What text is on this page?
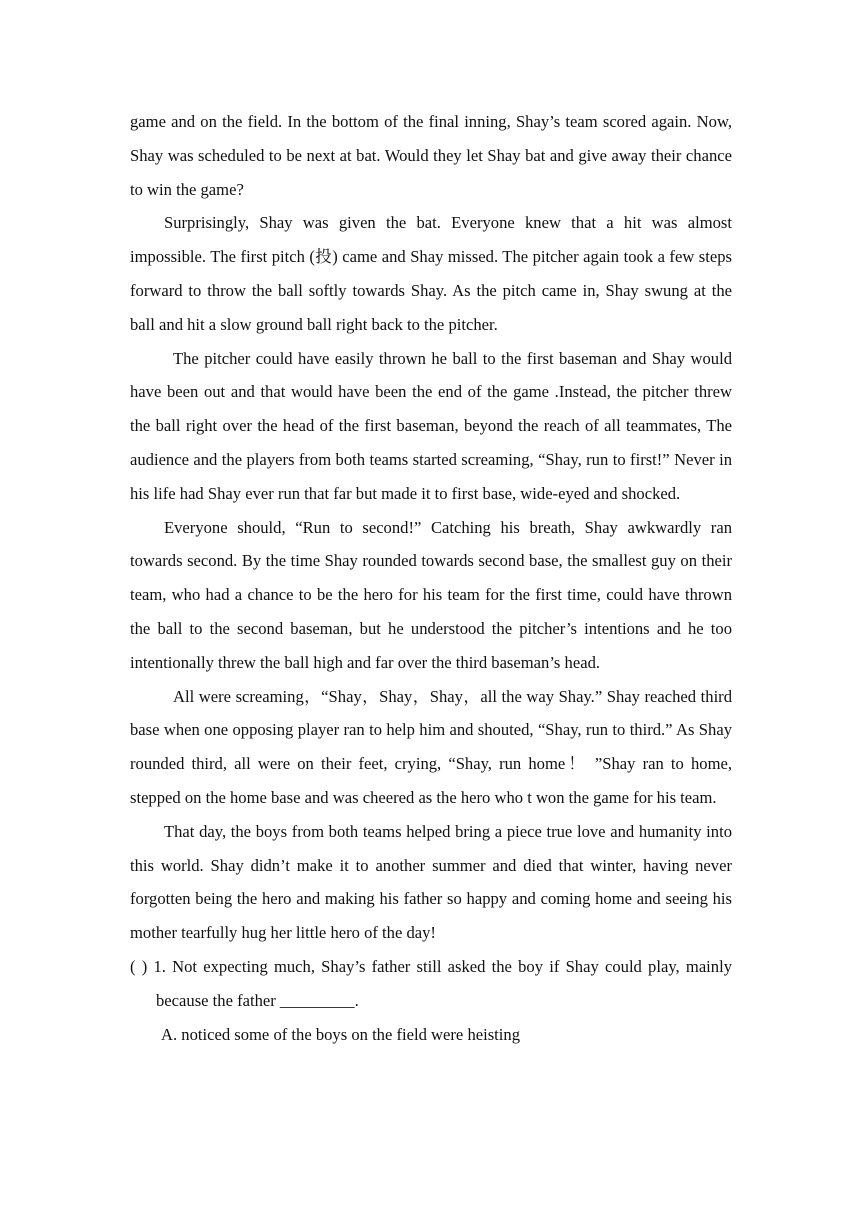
game and on the field. In the bottom of the final inning, Shay’s team scored again. Now, Shay was scheduled to be next at bat. Would they let Shay bat and give away their chance to win the game?

Surprisingly, Shay was given the bat. Everyone knew that a hit was almost impossible. The first pitch (投) came and Shay missed. The pitcher again took a few steps forward to throw the ball softly towards Shay. As the pitch came in, Shay swung at the ball and hit a slow ground ball right back to the pitcher.

The pitcher could have easily thrown he ball to the first baseman and Shay would have been out and that would have been the end of the game .Instead, the pitcher threw the ball right over the head of the first baseman, beyond the reach of all teammates, The audience and the players from both teams started screaming, “Shay, run to first!” Never in his life had Shay ever run that far but made it to first base, wide-eyed and shocked.

Everyone should, “Run to second!” Catching his breath, Shay awkwardly ran towards second. By the time Shay rounded towards second base, the smallest guy on their team, who had a chance to be the hero for his team for the first time, could have thrown the ball to the second baseman, but he understood the pitcher’s intentions and he too intentionally threw the ball high and far over the third baseman’s head.

All were screaming，“Shay，Shay，Shay，all the way Shay.” Shay reached third base when one opposing player ran to help him and shouted, “Shay, run to third.” As Shay rounded third, all were on their feet, crying, “Shay, run home！ ”Shay ran to home, stepped on the home base and was cheered as the hero who t won the game for his team.

That day, the boys from both teams helped bring a piece true love and humanity into this world. Shay didn’t make it to another summer and died that winter, having never forgotten being the hero and making his father so happy and coming home and seeing his mother tearfully hug her little hero of the day!

( ) 1. Not expecting much, Shay’s father still asked the boy if Shay could play, mainly because the father _________.

A. noticed some of the boys on the field were heisting
